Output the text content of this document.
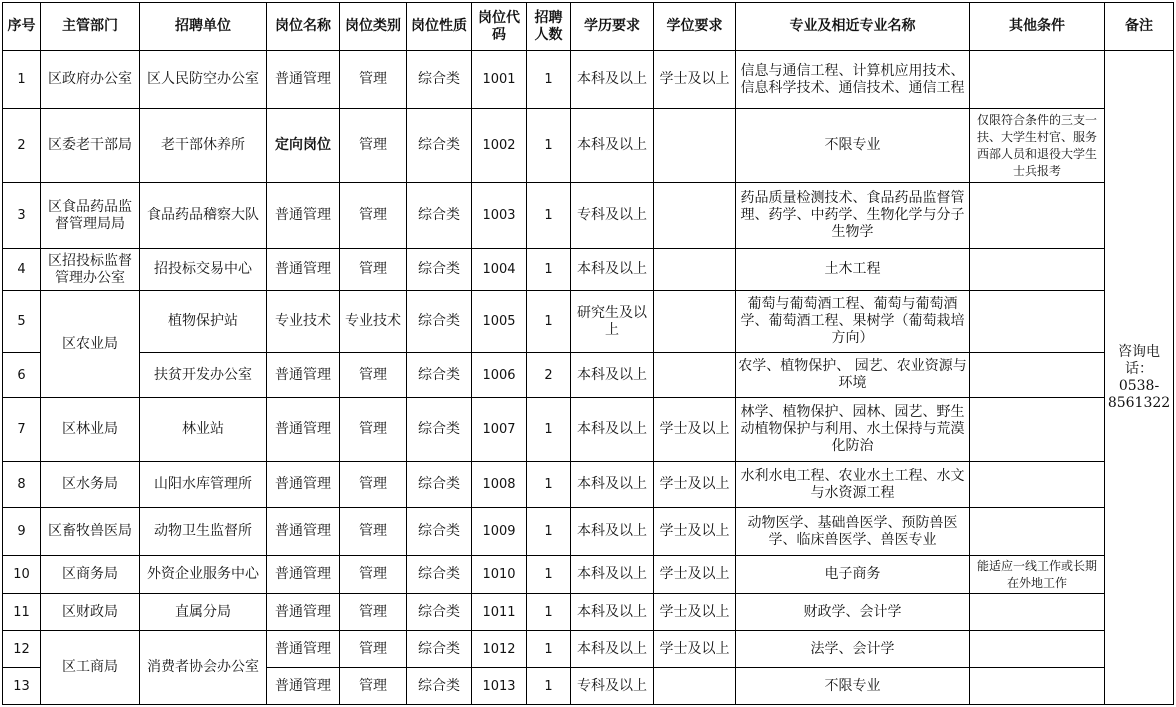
序号	主管部门	招聘单位	岗位名称	岗位类别	岗位性质	岗位代码	招聘人数	学历要求	学位要求	专业及相近专业名称	其他条件	备注
1	区政府办公室	区人民防空办公室	普通管理	管理	综合类	1001	1	本科及以上	学士及以上	信息与通信工程、计算机应用技术、信息科学技术、通信技术、通信工程		咨询电话：0538-8561322
2	区委老干部局	老干部休养所	定向岗位	管理	综合类	1002	1	本科及以上		不限专业	仅限符合条件的三支一扶、大学生村官、服务西部人员和退役大学生士兵报考	
3	区食品药品监督管理局局	食品药品稽察大队	普通管理	管理	综合类	1003	1	专科及以上		药品质量检测技术、食品药品监督管理、药学、中药学、生物化学与分子生物学		
4	区招投标监督管理办公室	招投标交易中心	普通管理	管理	综合类	1004	1	本科及以上		土木工程		
5	区农业局	植物保护站	专业技术	专业技术	综合类	1005	1	研究生及以上		葡萄与葡萄酒工程、葡萄与葡萄酒学、葡萄酒工程、果树学（葡萄栽培方向）		
6		扶贫开发办公室	普通管理	管理	综合类	1006	2	本科及以上		农学、植物保护、 园艺、农业资源与环境		
7	区林业局	林业站	普通管理	管理	综合类	1007	1	本科及以上	学士及以上	林学、植物保护、园林、园艺、野生动植物保护与利用、水土保持与荒漠化防治		
8	区水务局	山阳水库管理所	普通管理	管理	综合类	1008	1	本科及以上	学士及以上	水利水电工程、农业水土工程、水文与水资源工程		
9	区畜牧兽医局	动物卫生监督所	普通管理	管理	综合类	1009	1	本科及以上	学士及以上	动物医学、基础兽医学、预防兽医学、临床兽医学、兽医专业		
10	区商务局	外资企业服务中心	普通管理	管理	综合类	1010	1	本科及以上	学士及以上	电子商务	能适应一线工作或长期在外地工作	
11	区财政局	直属分局	普通管理	管理	综合类	1011	1	本科及以上	学士及以上	财政学、会计学		
12	区工商局	消费者协会办公室	普通管理	管理	综合类	1012	1	本科及以上	学士及以上	法学、会计学		
13			普通管理	管理	综合类	1013	1	专科及以上		不限专业		
